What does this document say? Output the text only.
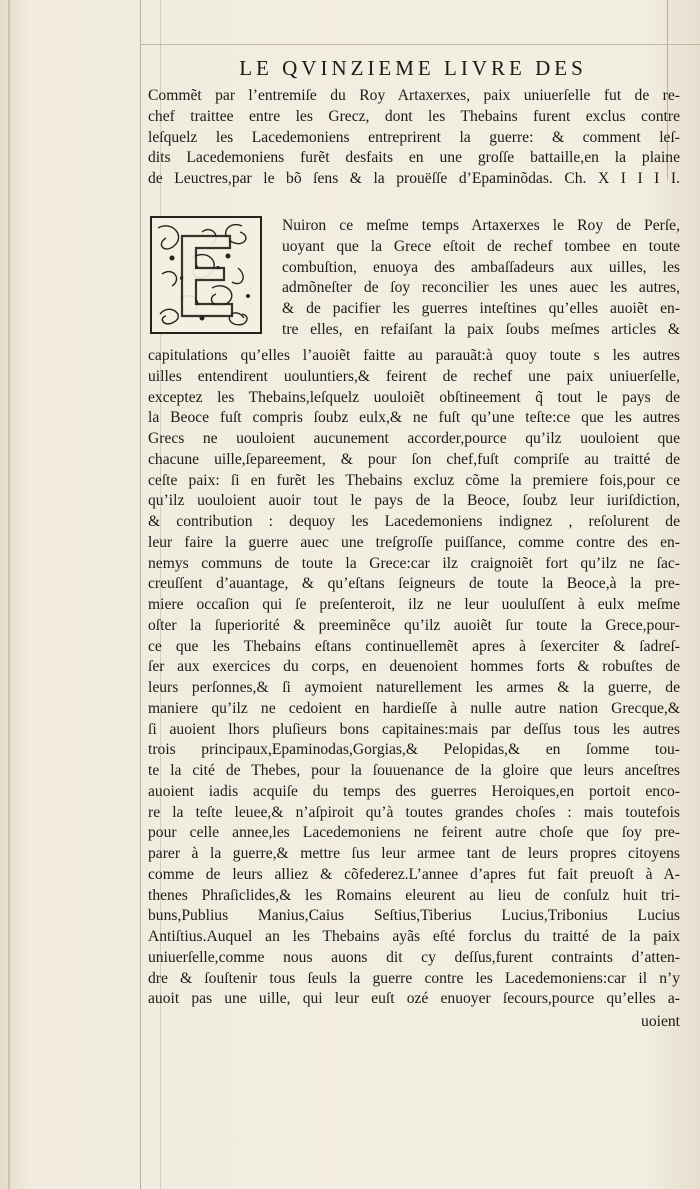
LE QVINZIEME LIVRE DES
Commẽt par l’entremiſe du Roy Artaxerxes, paix uniuerſelle fut de re-
chef traittee entre les Grecz, dont les Thebains furent exclus contre
leſquelz les Lacedemoniens entreprirent la guerre: & comment leſ-
dits Lacedemoniens furẽt desfaits en une groſſe battaille,en la plaine
de Leuctres,par le bõ ſens & la prouëſſe d’Epaminõdas. Ch. X I I I I.
Nuiron ce meſme temps Artaxerxes le Roy de Perſe,
uoyant que la Grece eſtoit de rechef tombee en toute
combuſtion, enuoya des ambaſſadeurs aux uilles, les
admõneſter de ſoy reconcilier les unes auec les autres,
& de pacifier les guerres inteſtines qu’elles auoiẽt en-
tre elles, en refaiſant la paix ſoubs meſmes articles &
capitulations qu’elles l’auoiẽt faitte au parauãt:à quoy toute s les autres
uilles entendirent uouluntiers,& feirent de rechef une paix uniuerſelle,
exceptez les Thebains,leſquelz uouloiẽt obſtineement q̃ tout le pays de
la Beoce fuſt compris ſoubz eulx,& ne fuſt qu’une teſte:ce que les autres
Grecs ne uouloient aucunement accorder,pource qu’ilz uouloient que
chacune uille,ſepareement, & pour ſon chef,fuſt compriſe au traitté de
ceſte paix: ſi en furẽt les Thebains excluz cõme la premiere fois,pour ce
qu’ilz uouloient auoir tout le pays de la Beoce, ſoubz leur iuriſdiction,
& contribution : dequoy les Lacedemoniens indignez , reſolurent de
leur faire la guerre auec une treſgroſſe puiſſance, comme contre des en-
nemys communs de toute la Grece:car ilz craignoiẽt fort qu’ilz ne ſac-
creuſſent d’auantage, & qu’eſtans ſeigneurs de toute la Beoce,à la pre-
miere occaſion qui ſe preſenteroit, ilz ne leur uouluſſent à eulx meſme
oſter la ſuperiorité & preeminẽce qu’ilz auoiẽt ſur toute la Grece,pour-
ce que les Thebains eſtans continuellemẽt apres à ſexerciter & ſadreſ-
ſer aux exercices du corps, en deuenoient hommes forts & robuſtes de
leurs perſonnes,& ſi aymoient naturellement les armes & la guerre, de
maniere qu’ilz ne cedoient en hardieſſe à nulle autre nation Grecque,&
ſi auoient lhors pluſieurs bons capitaines:mais par deſſus tous les autres
trois principaux,Epaminodas,Gorgias,& Pelopidas,& en ſomme tou-
te la cité de Thebes, pour la ſouuenance de la gloire que leurs anceſtres
auoient iadis acquiſe du temps des guerres Heroiques,en portoit enco-
re la teſte leuee,& n’aſpiroit qu’à toutes grandes choſes : mais toutefois
pour celle annee,les Lacedemoniens ne feirent autre choſe que ſoy pre-
parer à la guerre,& mettre ſus leur armee tant de leurs propres citoyens
comme de leurs alliez & cõfederez.L’annee d’apres fut fait preuoſt à A-
thenes Phraſiclides,& les Romains eleurent au lieu de conſulz huit tri-
buns,Publius Manius,Caius Seſtius,Tiberius Lucius,Tribonius Lucius
Antiſtius.Auquel an les Thebains ayãs eſté forclus du traitté de la paix
uniuerſelle,comme nous auons dit cy deſſus,furent contraints d’atten-
dre & ſouſtenir tous ſeuls la guerre contre les Lacedemoniens:car il n’y
auoit pas une uille, qui leur euſt ozé enuoyer ſecours,pource qu’elles a-
uoient
